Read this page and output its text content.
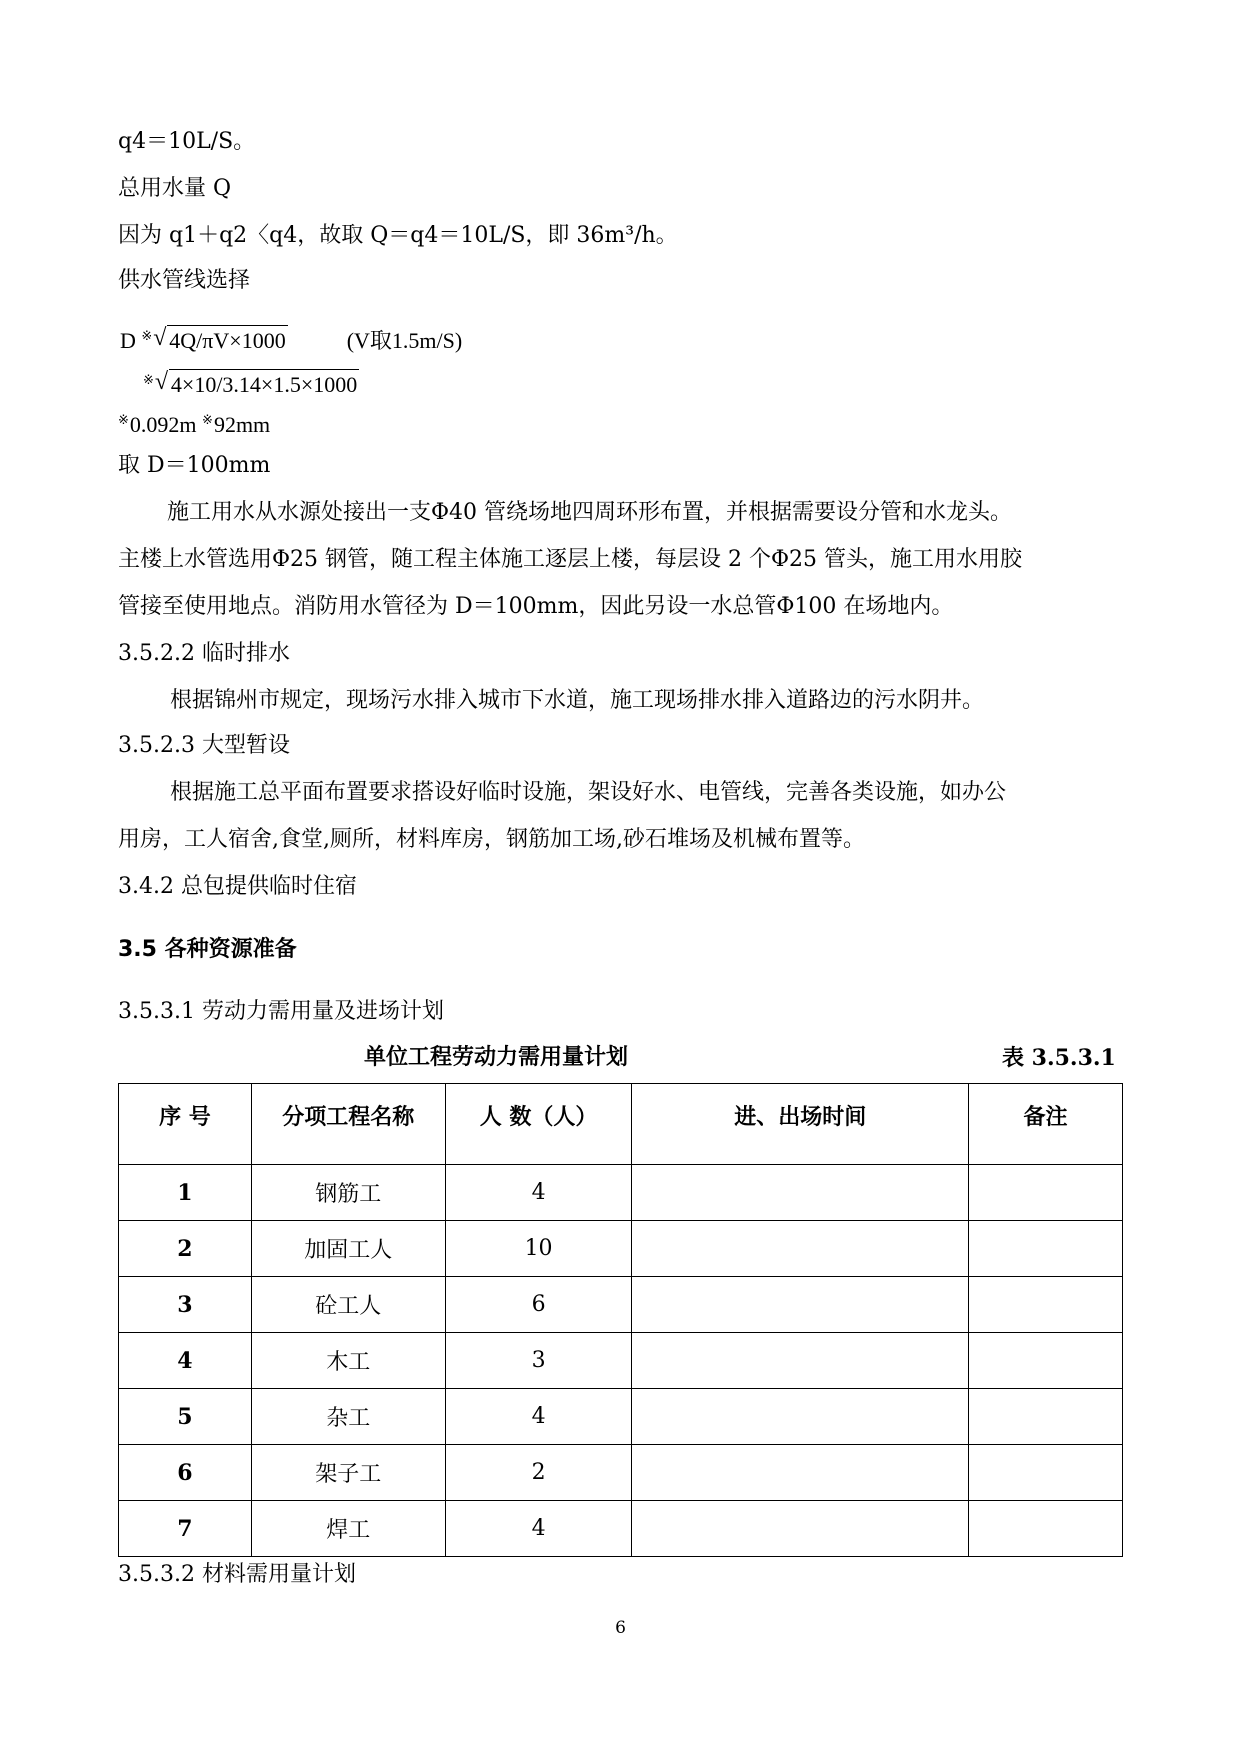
q4＝10L/S。
总用水量 Q
因为 q1＋q2〈q4，故取 Q＝q4＝10L/S，即 36m³/h。
供水管线选择
D ※ √ 4Q/πV×1000	(V取1.5m/S)
※ √ 4×10/3.14×1.5×1000
※0.092m ※92mm
取 D＝100mm
施工用水从水源处接出一支Φ40 管绕场地四周环形布置，并根据需要设分管和水龙头。
主楼上水管选用Φ25 钢管，随工程主体施工逐层上楼，每层设 2 个Φ25 管头，施工用水用胶
管接至使用地点。消防用水管径为 D＝100mm，因此另设一水总管Φ100 在场地内。
3.5.2.2 临时排水
根据锦州市规定，现场污水排入城市下水道，施工现场排水排入道路边的污水阴井。
3.5.2.3 大型暂设
根据施工总平面布置要求搭设好临时设施，架设好水、电管线，完善各类设施，如办公
用房，工人宿舍,食堂,厕所，材料库房，钢筋加工场,砂石堆场及机械布置等。
3.4.2 总包提供临时住宿
3.5 各种资源准备
3.5.3.1 劳动力需用量及进场计划
单位工程劳动力需用量计划	表 3.5.3.1
序 号	分项工程名称	人 数（人）	进、出场时间	备注
1	钢筋工	4		
2	加固工人	10		
3	砼工人	6		
4	木工	3		
5	杂工	4		
6	架子工	2		
7	焊工	4		
3.5.3.2 材料需用量计划
6
